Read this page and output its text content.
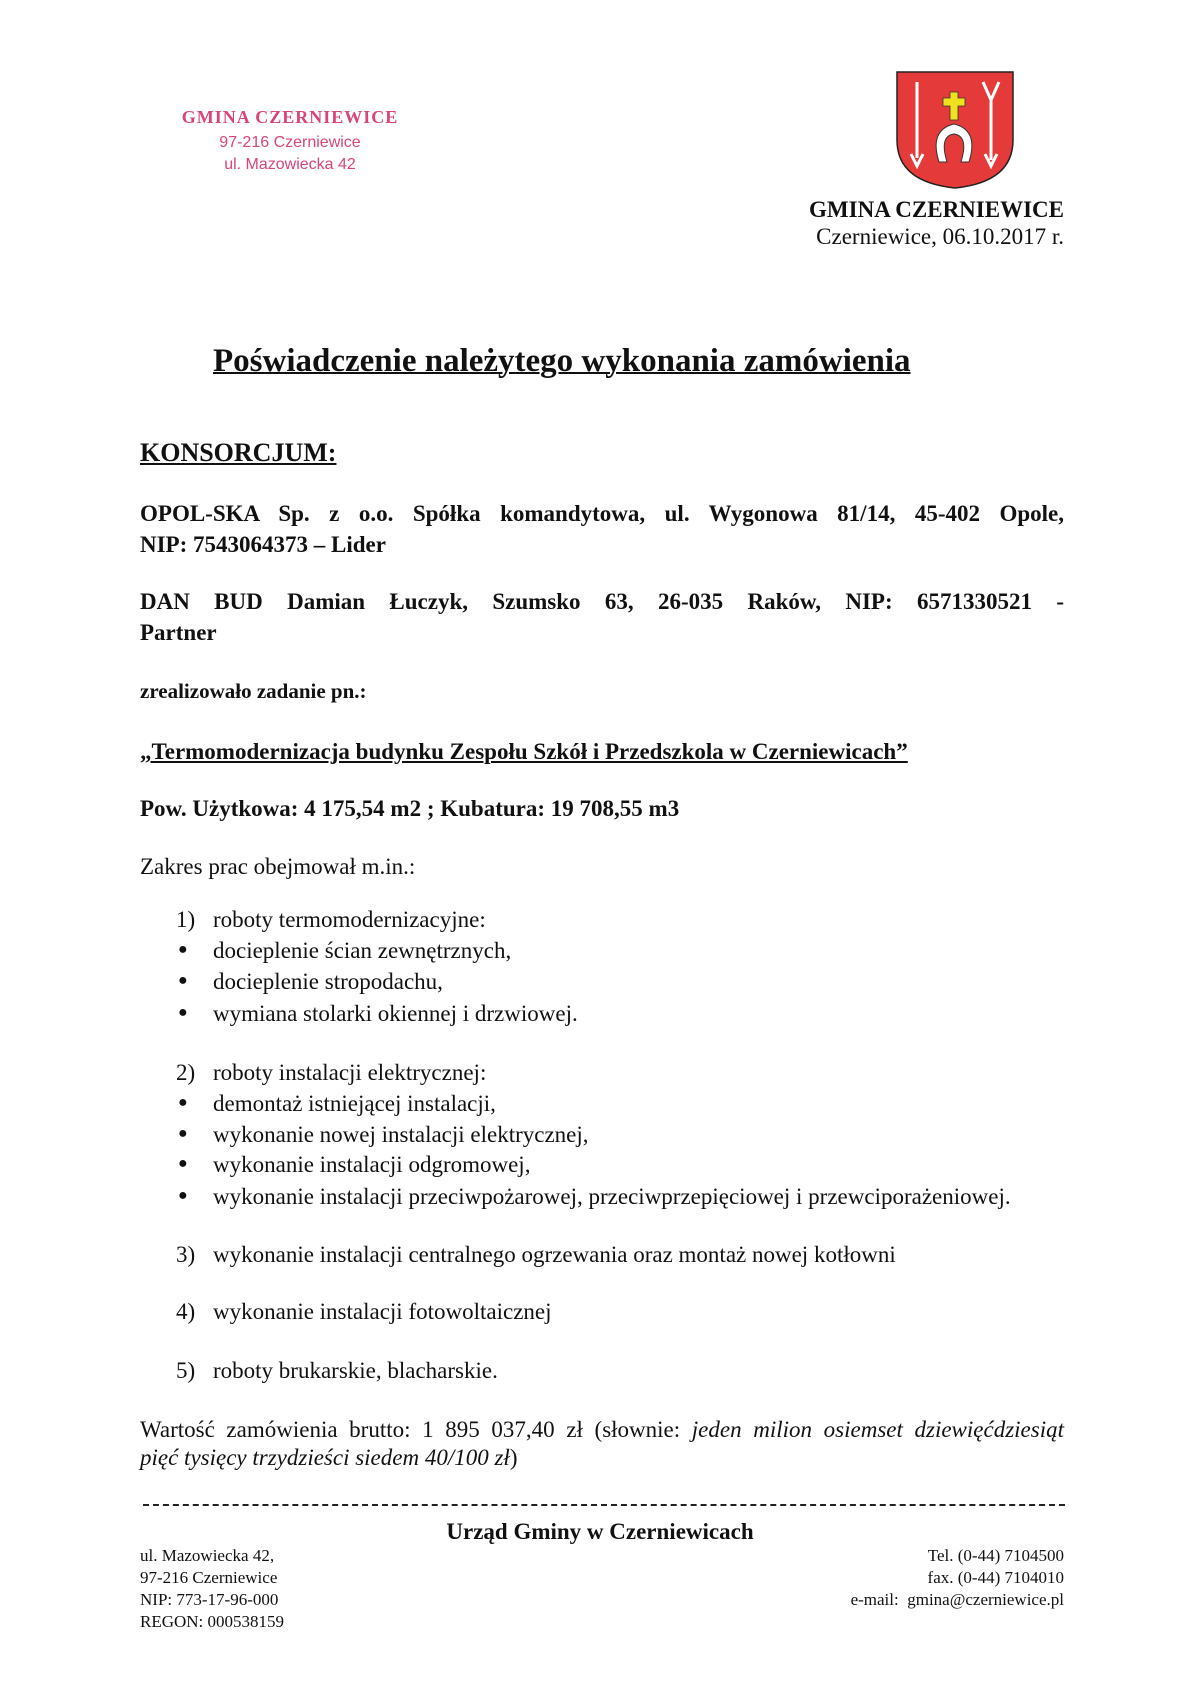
GMINA CZERNIEWICE
97-216 Czerniewice
ul. Mazowiecka 42
GMINA CZERNIEWICE
Czerniewice, 06.10.2017 r.
Poświadczenie należytego wykonania zamówienia
KONSORCJUM:
OPOL-SKA Sp. z o.o. Spółka komandytowa, ul. Wygonowa 81/14, 45-402 Opole,
NIP: 7543064373 – Lider
DAN BUD Damian Łuczyk, Szumsko 63, 26-035 Raków, NIP: 6571330521 -
Partner
zrealizowało zadanie pn.:
„Termomodernizacja budynku Zespołu Szkół i Przedszkola w Czerniewicach”
Pow. Użytkowa: 4 175,54 m2 ; Kubatura: 19 708,55 m3
Zakres prac obejmował m.in.:
1) roboty termomodernizacyjne:
● docieplenie ścian zewnętrznych,
● docieplenie stropodachu,
● wymiana stolarki okiennej i drzwiowej.
2) roboty instalacji elektrycznej:
● demontaż istniejącej instalacji,
● wykonanie nowej instalacji elektrycznej,
● wykonanie instalacji odgromowej,
● wykonanie instalacji przeciwpożarowej, przeciwprzepięciowej i przewciporażeniowej.
3) wykonanie instalacji centralnego ogrzewania oraz montaż nowej kotłowni
4) wykonanie instalacji fotowoltaicznej
5) roboty brukarskie, blacharskie.
Wartość zamówienia brutto: 1 895 037,40 zł (słownie: jeden milion osiemset dziewięćdziesiąt
pięć tysięcy trzydzieści siedem 40/100 zł)
Urząd Gminy w Czerniewicach
ul. Mazowiecka 42,
97-216 Czerniewice
NIP: 773-17-96-000
REGON: 000538159
Tel. (0-44) 7104500
fax. (0-44) 7104010
e-mail:  gmina@czerniewice.pl
